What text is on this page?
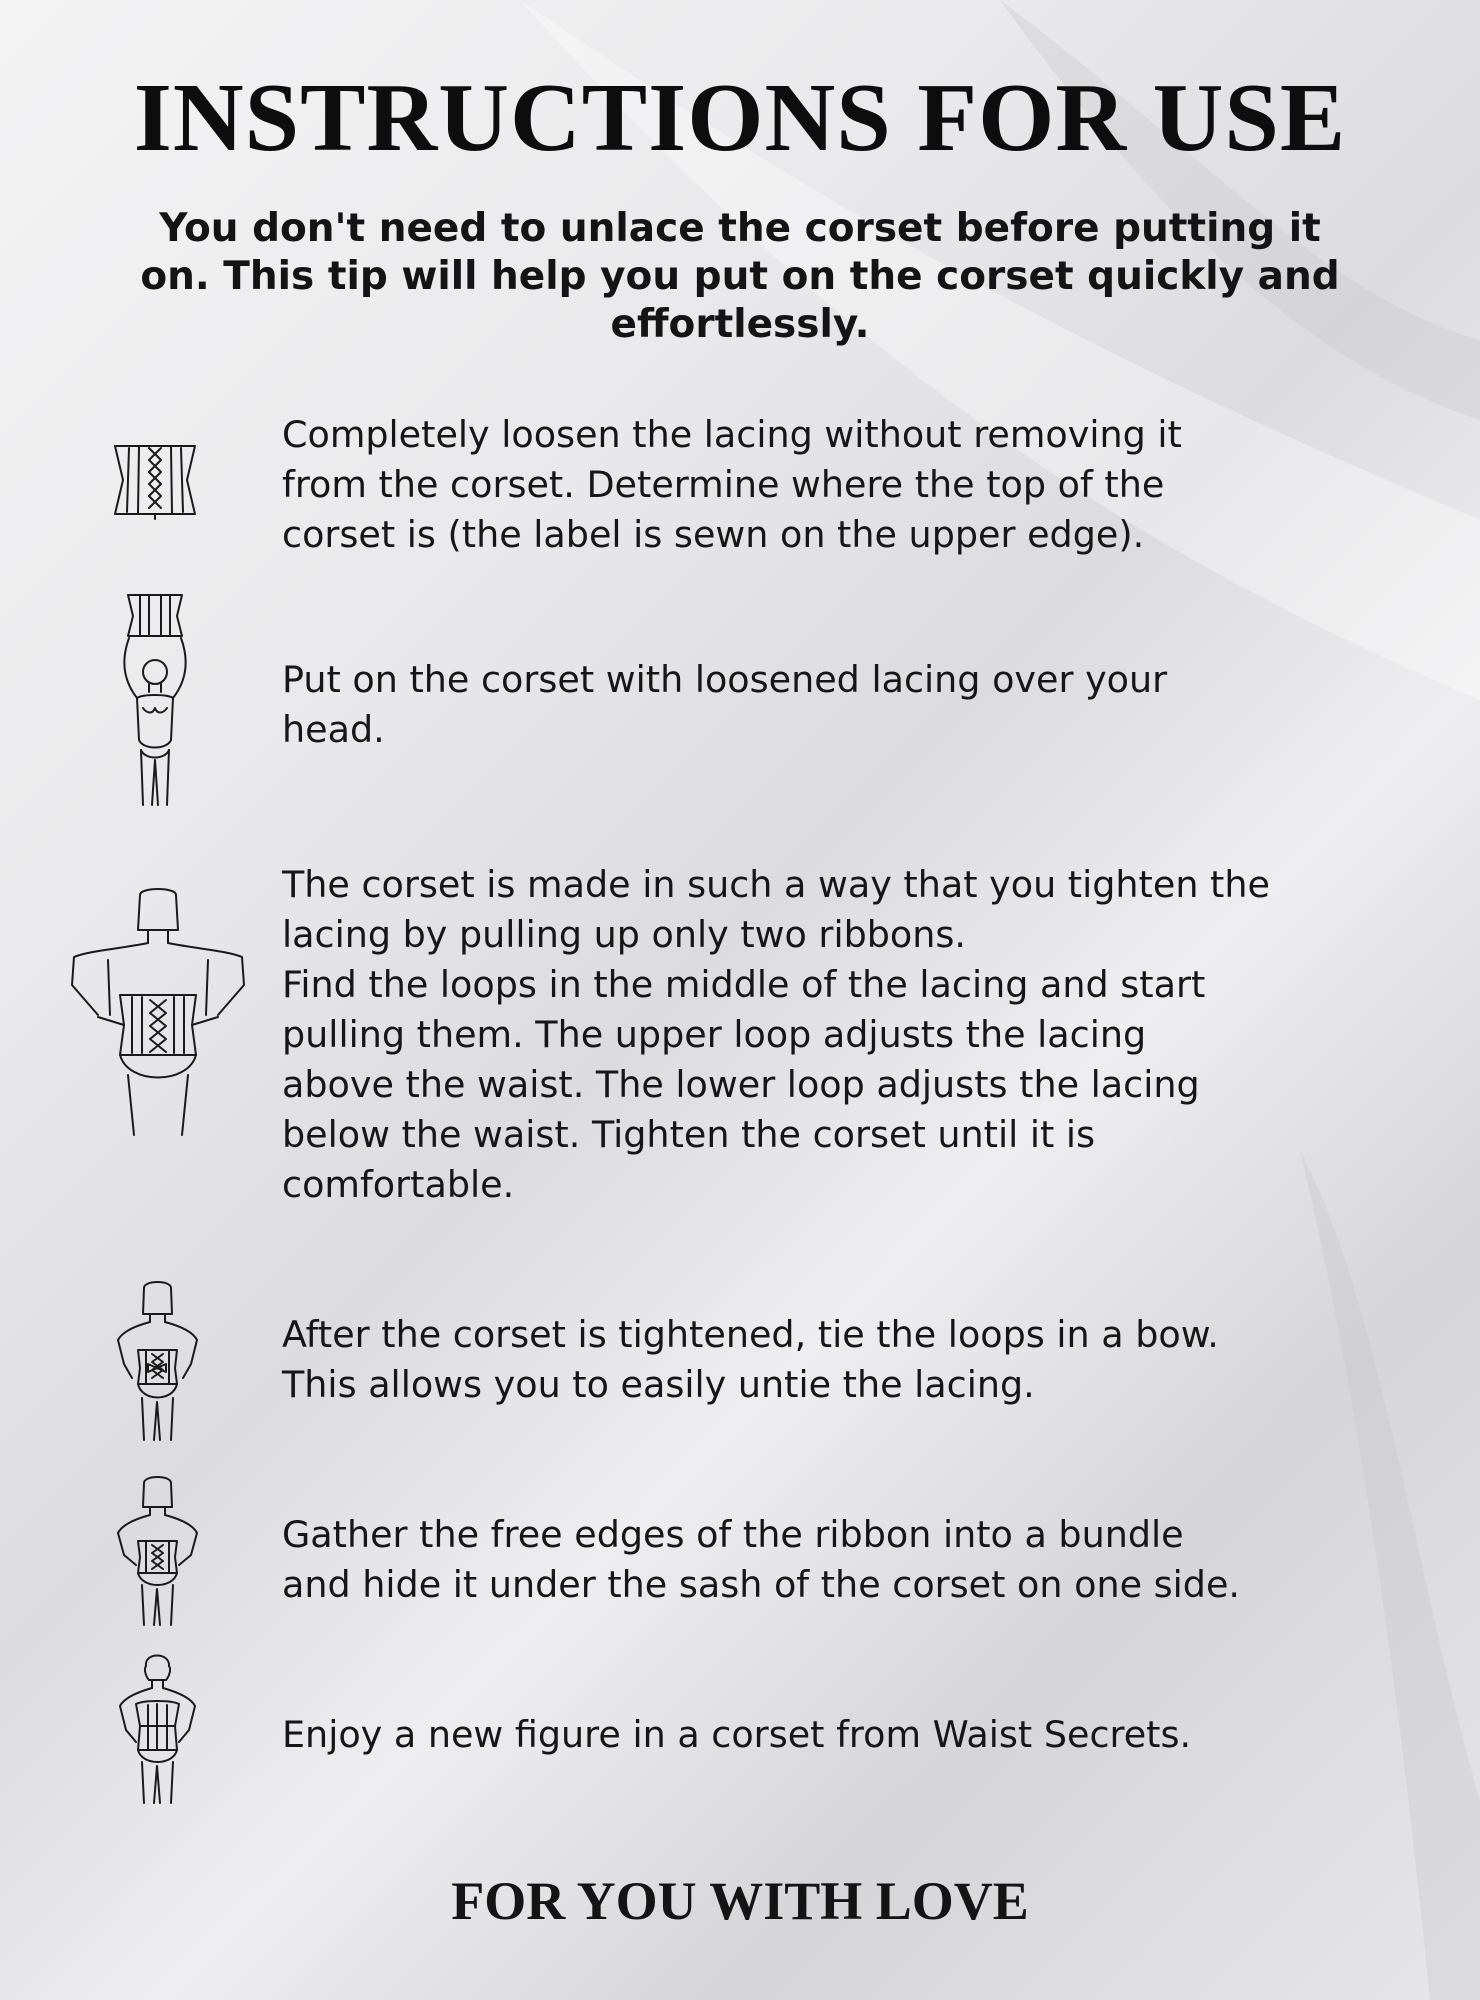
INSTRUCTIONS FOR USE

You don't need to unlace the corset before putting it on. This tip will help you put on the corset quickly and effortlessly.

Completely loosen the lacing without removing it
from the corset. Determine where the top of the
corset is (the label is sewn on the upper edge).

Put on the corset with loosened lacing over your
head.

The corset is made in such a way that you tighten the
lacing by pulling up only two ribbons.
Find the loops in the middle of the lacing and start
pulling them. The upper loop adjusts the lacing
above the waist. The lower loop adjusts the lacing
below the waist. Tighten the corset until it is
comfortable.

After the corset is tightened, tie the loops in a bow.
This allows you to easily untie the lacing.

Gather the free edges of the ribbon into a bundle
and hide it under the sash of the corset on one side.

Enjoy a new figure in a corset from Waist Secrets.

FOR YOU WITH LOVE
